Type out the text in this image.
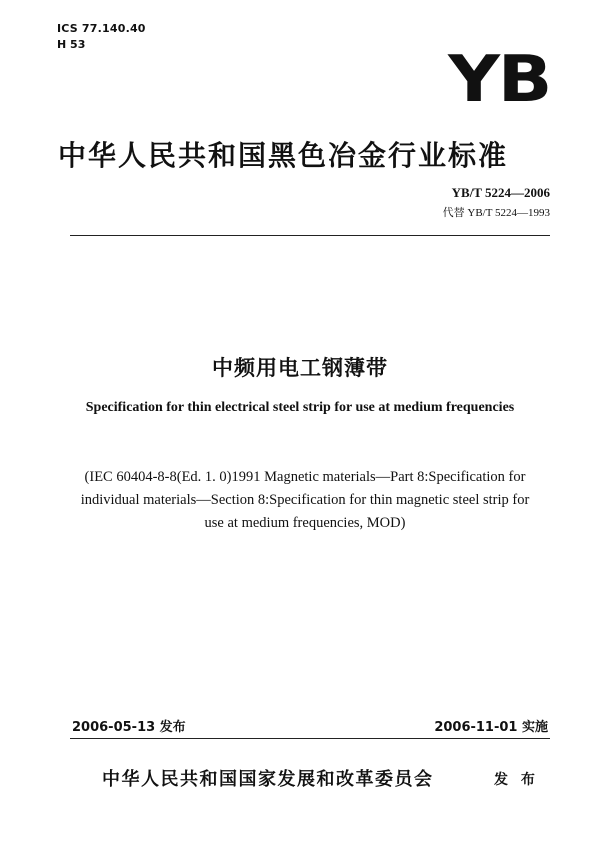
ICS 77.140.40
H 53	YB
中华人民共和国黑色冶金行业标准
YB/T 5224—2006
代替 YB/T 5224—1993
中频用电工钢薄带
Specification for thin electrical steel strip for use at medium frequencies
(IEC 60404-8-8(Ed. 1. 0)1991 Magnetic materials—Part 8:Specification for
individual materials—Section 8:Specification for thin magnetic steel strip for
use at medium frequencies, MOD)
2006-05-13 发布	2006-11-01 实施
中华人民共和国国家发展和改革委员会	发 布
